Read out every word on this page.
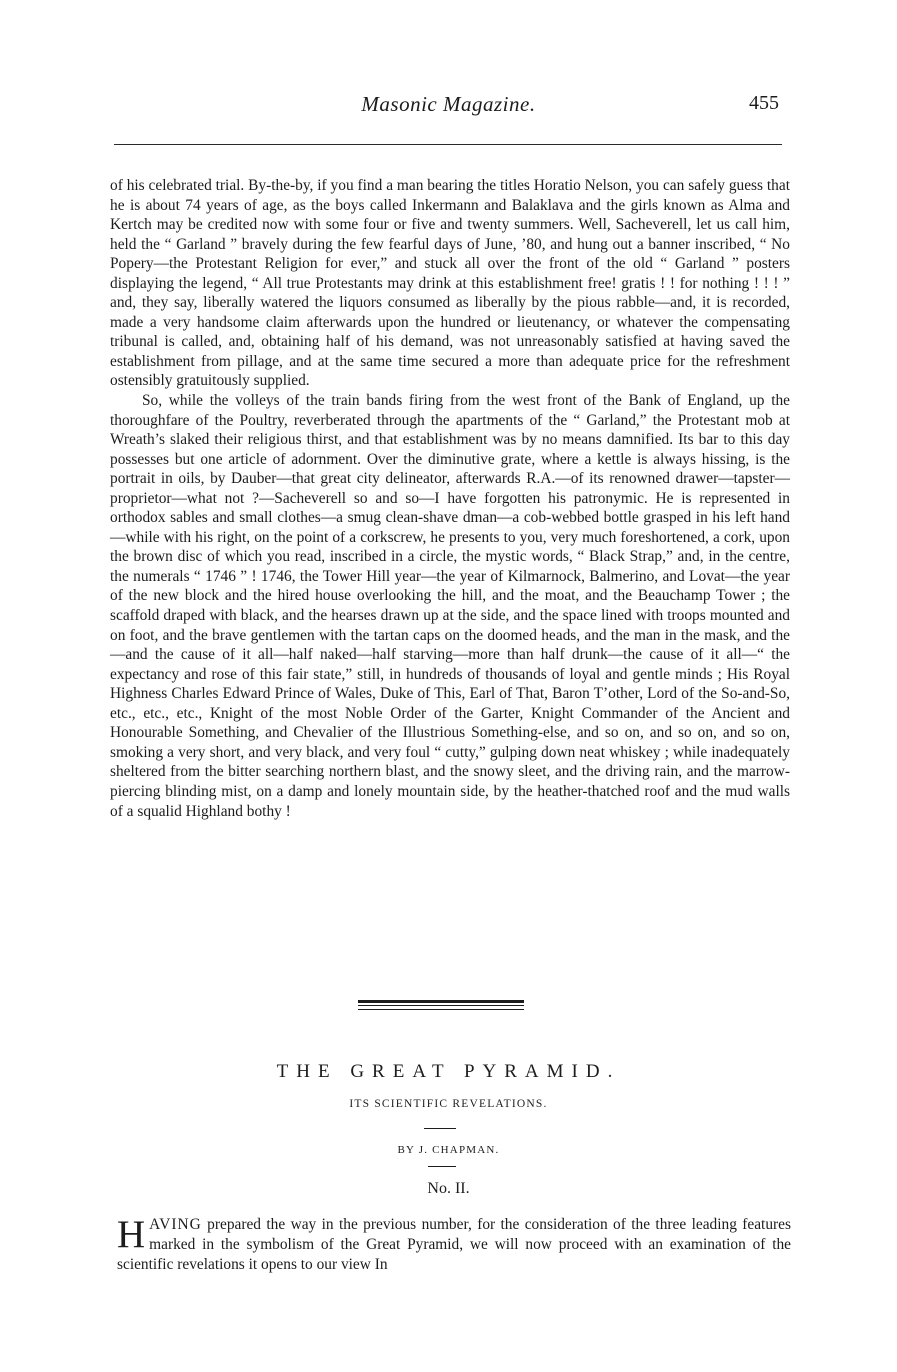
Masonic Magazine.	455

of his celebrated trial. By-the-by, if you find a man bearing the titles Horatio Nelson, you can safely guess that he is about 74 years of age, as the boys called Inkermann and Balaklava and the girls known as Alma and Kertch may be credited now with some four or five and twenty summers. Well, Sacheverell, let us call him, held the “ Garland ” bravely during the few fearful days of June, ’80, and hung out a banner inscribed, “ No Popery—the Protestant Religion for ever,” and stuck all over the front of the old “ Garland ” posters displaying the legend, “ All true Protestants may drink at this establishment free! gratis ! ! for nothing ! ! ! ” and, they say, liberally watered the liquors consumed as liberally by the pious rabble—and, it is recorded, made a very handsome claim afterwards upon the hundred or lieutenancy, or whatever the compensating tribunal is called, and, obtaining half of his demand, was not unreasonably satisfied at having saved the establishment from pillage, and at the same time secured a more than adequate price for the refreshment ostensibly gratuitously supplied.

So, while the volleys of the train bands firing from the west front of the Bank of England, up the thoroughfare of the Poultry, reverberated through the apartments of the “ Garland,” the Protestant mob at Wreath’s slaked their religious thirst, and that establishment was by no means damnified. Its bar to this day possesses but one article of adornment. Over the diminutive grate, where a kettle is always hissing, is the portrait in oils, by Dauber—that great city delineator, afterwards R.A.—of its renowned drawer—tapster—proprietor—what not ?—Sacheverell so and so—I have forgotten his patronymic. He is represented in orthodox sables and small clothes—a smug clean-shave dman—a cob-webbed bottle grasped in his left hand—while with his right, on the point of a corkscrew, he presents to you, very much foreshortened, a cork, upon the brown disc of which you read, inscribed in a circle, the mystic words, “ Black Strap,” and, in the centre, the numerals “ 1746 ” ! 1746, the Tower Hill year—the year of Kilmarnock, Balmerino, and Lovat—the year of the new block and the hired house overlooking the hill, and the moat, and the Beauchamp Tower ; the scaffold draped with black, and the hearses drawn up at the side, and the space lined with troops mounted and on foot, and the brave gentlemen with the tartan caps on the doomed heads, and the man in the mask, and the—and the cause of it all—half naked—half starving—more than half drunk—the cause of it all—“ the expectancy and rose of this fair state,” still, in hundreds of thousands of loyal and gentle minds ; His Royal Highness Charles Edward Prince of Wales, Duke of This, Earl of That, Baron T’other, Lord of the So-and-So, etc., etc., etc., Knight of the most Noble Order of the Garter, Knight Commander of the Ancient and Honourable Something, and Chevalier of the Illustrious Something-else, and so on, and so on, and so on, smoking a very short, and very black, and very foul “ cutty,” gulping down neat whiskey ; while inadequately sheltered from the bitter searching northern blast, and the snowy sleet, and the driving rain, and the marrow-piercing blinding mist, on a damp and lonely mountain side, by the heather-thatched roof and the mud walls of a squalid Highland bothy !

THE GREAT PYRAMID.
ITS SCIENTIFIC REVELATIONS.
BY J. CHAPMAN.
No. II.
HAVING prepared the way in the previous number, for the consideration of the three leading features marked in the symbolism of the Great Pyramid, we will now proceed with an examination of the scientific revelations it opens to our view In
